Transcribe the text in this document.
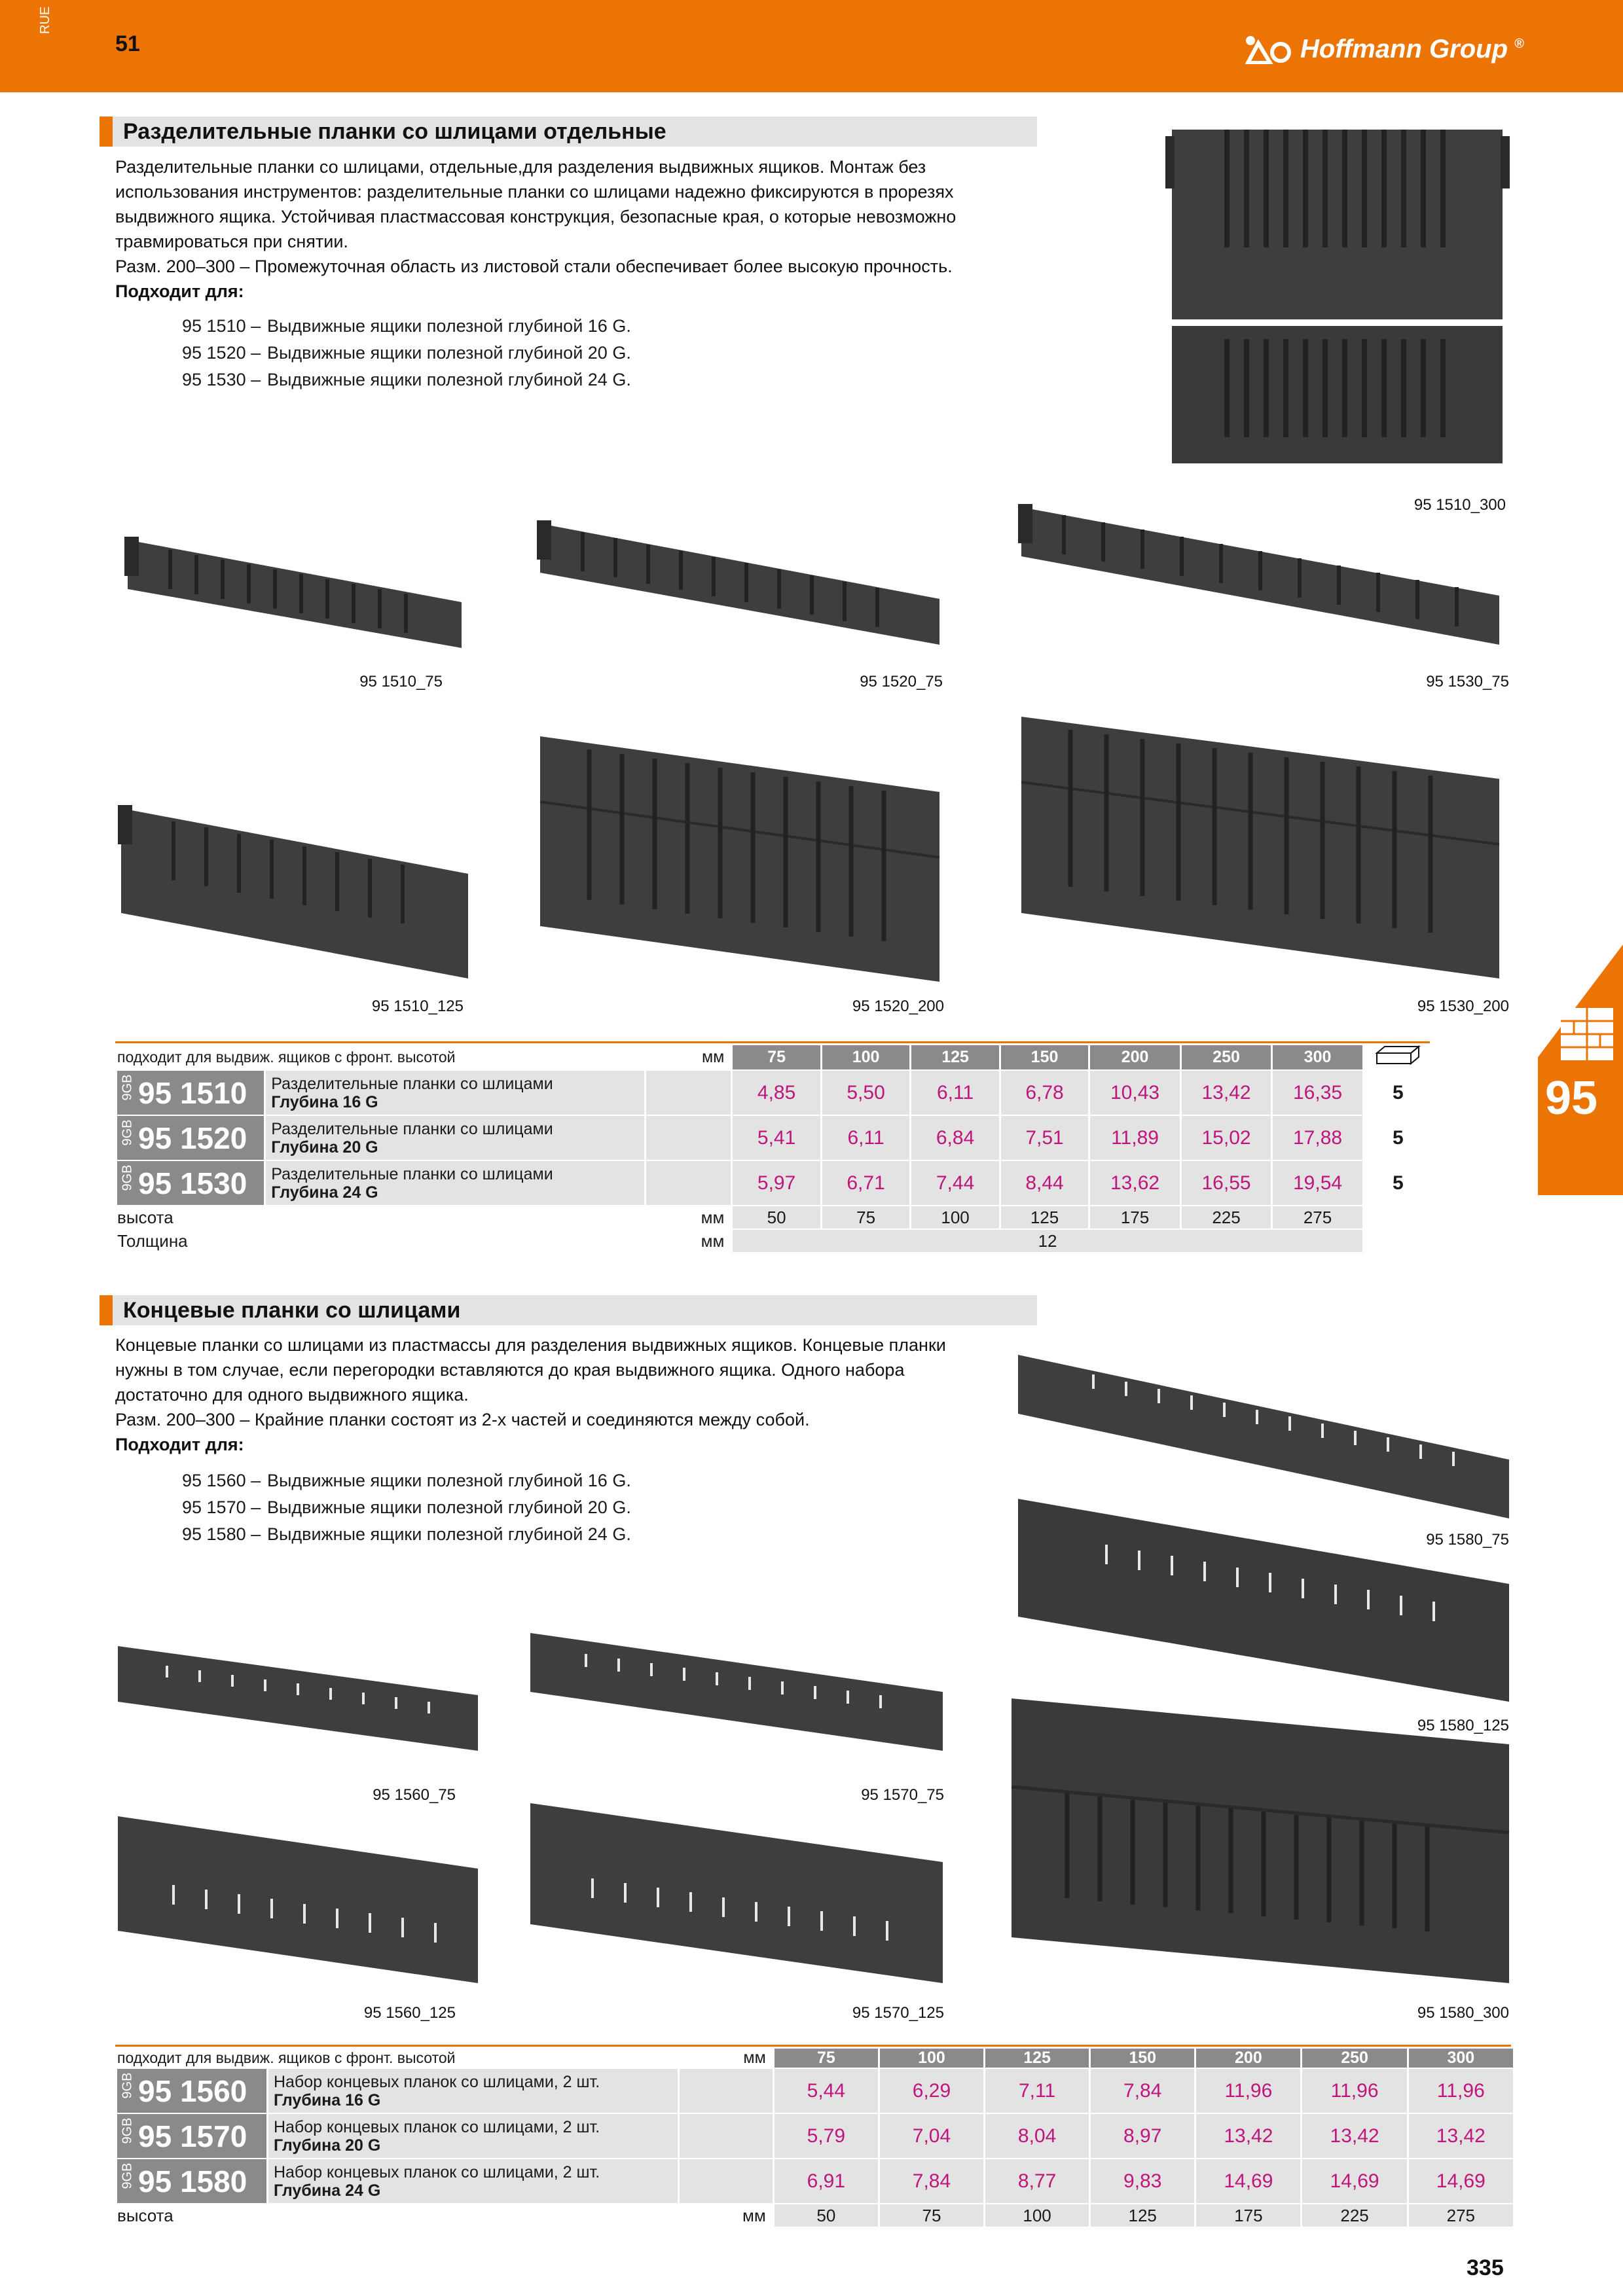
RUE
51	Hoffmann Group ®
Разделительные планки со шлицами отдельные

Разделительные планки со шлицами, отдельные,для разделения выдвижных ящиков. Монтаж без

использования инструментов: разделительные планки со шлицами надежно фиксируются в прорезях

выдвижного ящика. Устойчивая пластмассовая конструкция, безопасные края, о которые невозможно

травмироваться при снятии.

Разм. 200–300 – Промежуточная область из листовой стали обеспечивает более высокую прочность.

Подходит для:

95 1510 – Выдвижные ящики полезной глубиной 16 G.
95 1520 – Выдвижные ящики полезной глубиной 20 G.
95 1530 – Выдвижные ящики полезной глубиной 24 G.
95 1510_300
95 1510_75	95 1520_75	95 1530_75
95 1510_125	95 1520_200	95 1530_200
95
подходит для выдвиж. ящиков с фронт. высотой		мм	75	100	125	150	200	250	300	
9GB 95 1510	Разделительные планки со шлицами
Глубина 16 G		4,85	5,50	6,11	6,78	10,43	13,42	16,35	5
9GB 95 1520	Разделительные планки со шлицами
Глубина 20 G		5,41	6,11	6,84	7,51	11,89	15,02	17,88	5
9GB 95 1530	Разделительные планки со шлицами
Глубина 24 G		5,97	6,71	7,44	8,44	13,62	16,55	19,54	5
высота		мм	50	75	100	125	175	225	275	
Толщина		мм	12							
Концевые планки со шлицами

Концевые планки со шлицами из пластмассы для разделения выдвижных ящиков. Концевые планки

нужны в том случае, если перегородки вставляются до края выдвижного ящика. Одного набора

достаточно для одного выдвижного ящика.

Разм. 200–300 – Крайние планки состоят из 2-х частей и соединяются между собой.

Подходит для:

95 1560 – Выдвижные ящики полезной глубиной 16 G.
95 1570 – Выдвижные ящики полезной глубиной 20 G.
95 1580 – Выдвижные ящики полезной глубиной 24 G.	95 1580_75
95 1580_125
95 1560_75	95 1570_75
95 1560_125	95 1570_125	95 1580_300
подходит для выдвиж. ящиков с фронт. высотой		мм	75	100	125	150	200	250	300
9GB 95 1560	Набор концевых планок со шлицами, 2 шт.
Глубина 16 G		5,44	6,29	7,11	7,84	11,96	11,96	11,96
9GB 95 1570	Набор концевых планок со шлицами, 2 шт.
Глубина 20 G		5,79	7,04	8,04	8,97	13,42	13,42	13,42
9GB 95 1580	Набор концевых планок со шлицами, 2 шт.
Глубина 24 G		6,91	7,84	8,77	9,83	14,69	14,69	14,69
высота		мм	50	75	100	125	175	225	275
335
